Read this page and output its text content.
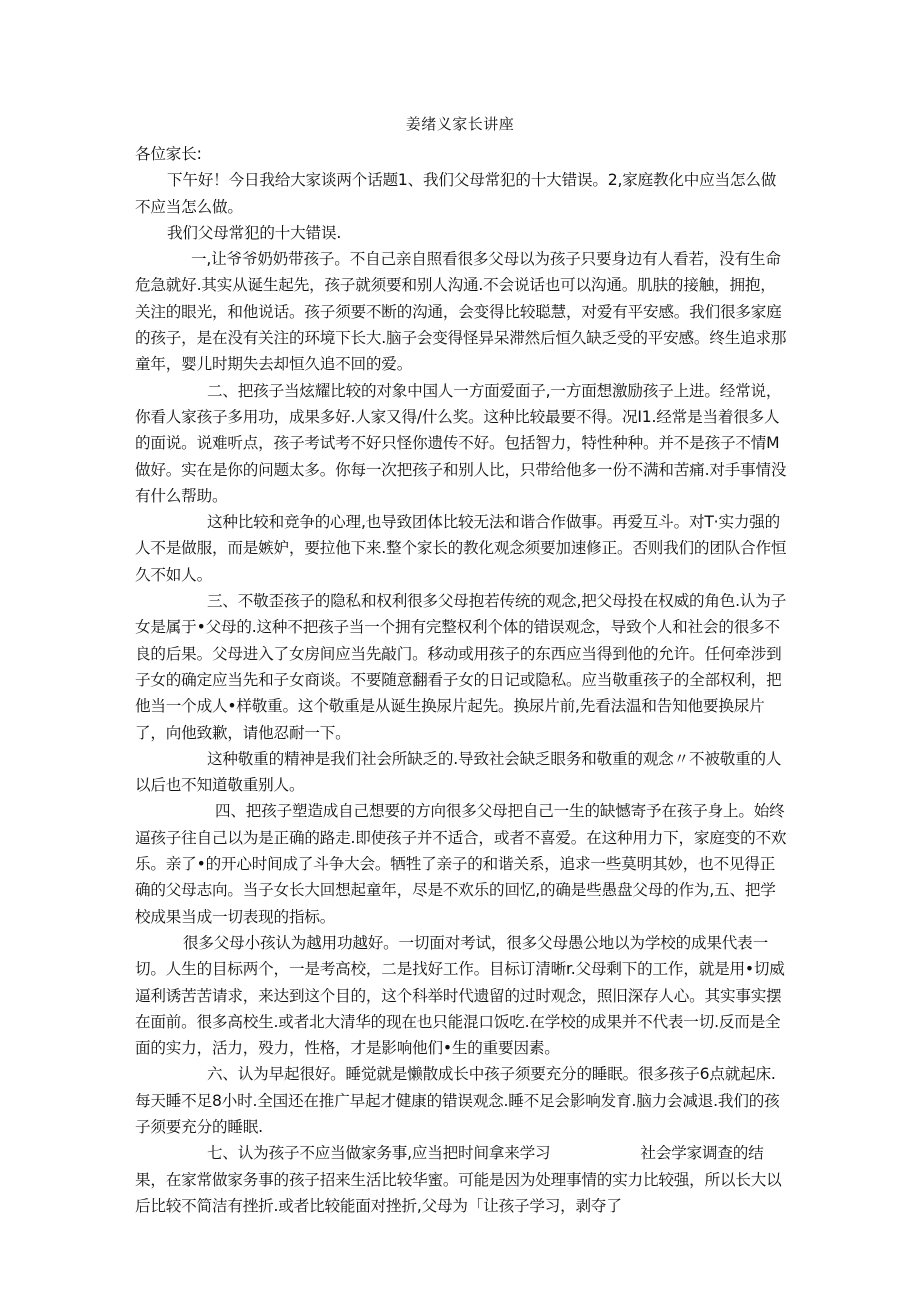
姜绪义家长讲座

各位家长:

下午好！今日我给大家谈两个话题1、我们父母常犯的十大错误。2,家庭教化中应当怎么做不应当怎么做。

我们父母常犯的十大错误.

一,让爷爷奶奶带孩子。不自己亲自照看很多父母以为孩子只要身边有人看若，没有生命危急就好.其实从诞生起先，孩子就须要和别人沟通.不会说话也可以沟通。肌肤的接触，拥抱，关注的眼光，和他说话。孩子须要不断的沟通，会变得比较聪慧，对爱有平安感。我们很多家庭的孩子，是在没有关注的环境下长大.脑子会变得怪异呆滞然后恒久缺乏受的平安感。终生追求那童年，婴儿时期失去却恒久追不回的爱。

二、把孩子当炫耀比较的对象中国人一方面爱面子,一方面想激励孩子上进。经常说，你看人家孩子多用功，成果多好.人家又得/什么奖。这种比较最要不得。况I1.经常是当着很多人的面说。说难听点，孩子考试考不好只怪你遗传不好。包括智力，特性种种。并不是孩子不情M做好。实在是你的问题太多。你每一次把孩子和别人比，只带给他多一份不满和苦痛.对手事情没有什么帮助。

这种比较和竞争的心理,也导致团体比较无法和谐合作做事。再爱互斗。对T·实力强的人不是做服，而是嫉妒，要拉他下来.整个家长的教化观念须要加速修正。否则我们的团队合作恒久不如人。

三、不敬歪孩子的隐私和权利很多父母抱若传统的观念,把父母投在权威的角色.认为子女是属于•父母的.这种不把孩子当一个拥有完整权利个体的错误观念，导致个人和社会的很多不良的后果。父母进入了女房间应当先敲门。移动或用孩子的东西应当得到他的允许。任何牵涉到子女的确定应当先和子女商谈。不要随意翻看子女的日记或隐私。应当敬重孩子的全部权利，把他当一个成人•样敬重。这个敬重是从诞生换尿片起先。换尿片前,先看法温和告知他要换尿片了，向他致歉，请他忍耐一下。

这种敬重的精神是我们社会所缺乏的.导致社会缺乏眼务和敬重的观念〃不被敬重的人以后也不知道敬重别人。

四、把孩子塑造成自己想要的方向很多父母把自己一生的缺憾寄予在孩子身上。始终逼孩子往自己以为是正确的路走.即使孩子并不适合，或者不喜爱。在这种用力下，家庭变的不欢乐。亲了•的开心时间成了斗争大会。牺牲了亲子的和谐关系，追求一些莫明其妙，也不见得正确的父母志向。当子女长大回想起童年，尽是不欢乐的回忆,的确是些愚盘父母的作为,五、把学校成果当成一切表现的指标。

很多父母小孩认为越用功越好。一切面对考试，很多父母愚公地以为学校的成果代表一切。人生的目标两个，一是考高校，二是找好工作。目标订清晰r.父母剩下的工作，就是用•切威逼利诱苦苦请求，来达到这个目的，这个科举时代遗留的过时观念，照旧深存人心。其实事实摆在面前。很多高校生.或者北大清华的现在也只能混口饭吃.在学校的成果并不代表一切.反而是全面的实力，活力，殁力，性格，才是影响他们•生的重要因素。

六、认为早起很好。睡觉就是懒散成长中孩子须要充分的睡眠。很多孩子6点就起床.每天睡不足8小时.全国还在推广早起才健康的错误观念.睡不足会影响发育.脑力会减退.我们的孩子须要充分的睡眠.

七、认为孩子不应当做家务事,应当把时间拿来学习	社会学家调查的结果，在家常做家务事的孩子招来生活比较华蜜。可能是因为处理事情的实力比较强，所以长大以后比较不简洁有挫折.或者比较能面对挫折,父母为「让孩子学习，剥夺了
